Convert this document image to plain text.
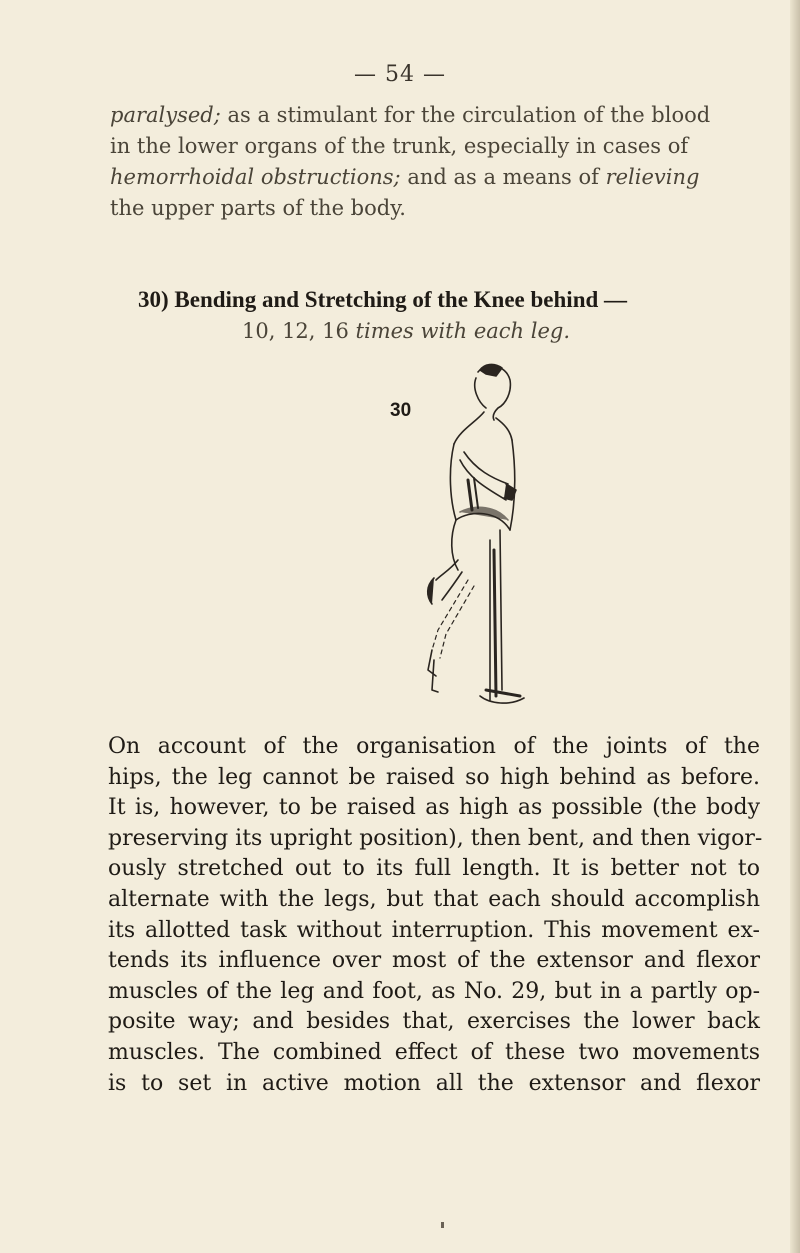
— 54 —
paralysed; as a stimulant for the circulation of the blood
in the lower organs of the trunk, especially in cases of
hemorrhoidal obstructions; and as a means of relieving
the upper parts of the body.
30) Bending and Stretching of the Knee behind —
10, 12, 16 times with each leg.
30
On account of the organisation of the joints of the
hips, the leg cannot be raised so high behind as before.
It is, however, to be raised as high as possible (the body
preserving its upright position), then bent, and then vigor-
ously stretched out to its full length. It is better not to
alternate with the legs, but that each should accomplish
its allotted task without interruption. This movement ex-
tends its influence over most of the extensor and flexor
muscles of the leg and foot, as No. 29, but in a partly op-
posite way; and besides that, exercises the lower back
muscles. The combined effect of these two movements
is to set in active motion all the extensor and flexor
